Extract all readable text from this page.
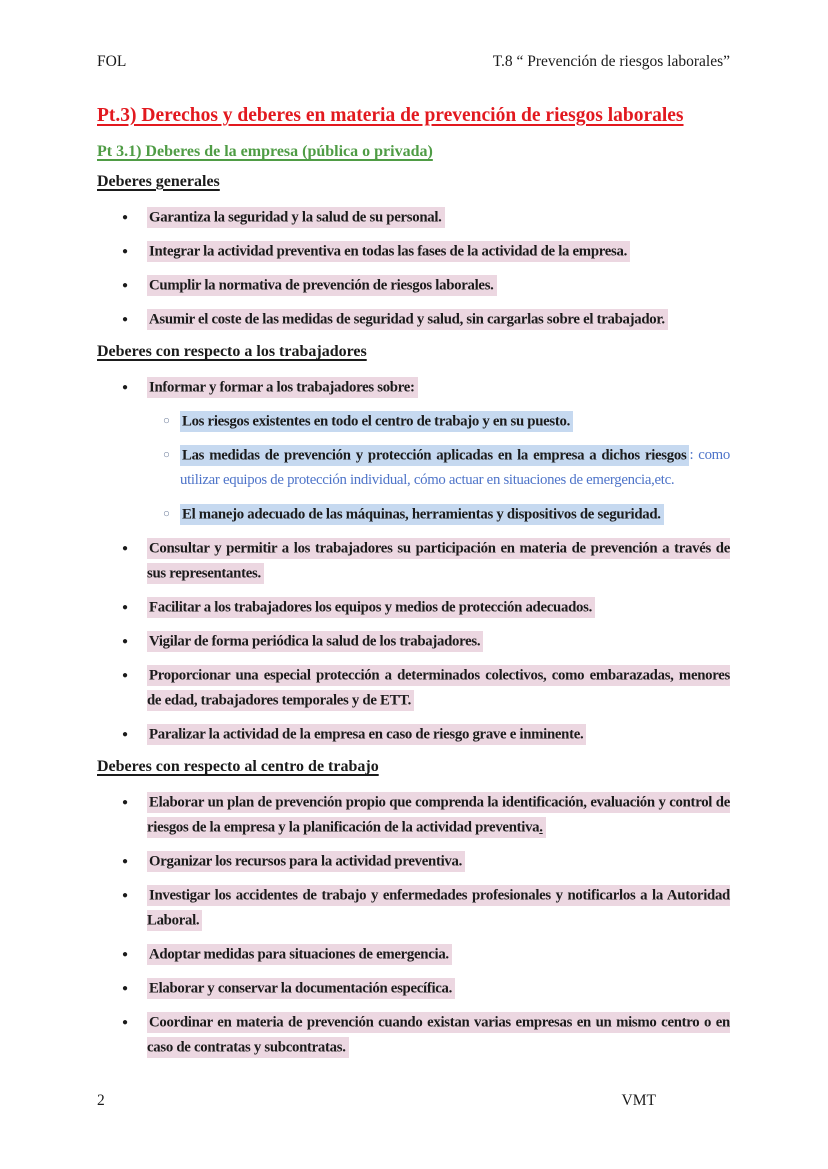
FOL	T.8 “ Prevención de riesgos laborales”
Pt.3) Derechos y deberes en materia de prevención de riesgos laborales
Pt 3.1) Deberes de la empresa (pública o privada)
Deberes generales
● Garantiza la seguridad y la salud de su personal.
● Integrar la actividad preventiva en todas las fases de la actividad de la empresa.
● Cumplir la normativa de prevención de riesgos laborales.
● Asumir el coste de las medidas de seguridad y salud, sin cargarlas sobre el trabajador.
Deberes con respecto a los trabajadores
● Informar y formar a los trabajadores sobre:
○ Los riesgos existentes en todo el centro de trabajo y en su puesto.
○ Las medidas de prevención y protección aplicadas en la empresa a dichos riesgos : como utilizar equipos de protección individual, cómo actuar en situaciones de emergencia,etc.
○ El manejo adecuado de las máquinas, herramientas y dispositivos de seguridad.
● Consultar y permitir a los trabajadores su participación en materia de prevención a través de sus representantes.
● Facilitar a los trabajadores los equipos y medios de protección adecuados.
● Vigilar de forma periódica la salud de los trabajadores.
● Proporcionar una especial protección a determinados colectivos, como embarazadas, menores de edad, trabajadores temporales y de ETT.
● Paralizar la actividad de la empresa en caso de riesgo grave e inminente.
Deberes con respecto al centro de trabajo
● Elaborar un plan de prevención propio que comprenda la identificación, evaluación y control de riesgos de la empresa y la planificación de la actividad preventiva.
● Organizar los recursos para la actividad preventiva.
● Investigar los accidentes de trabajo y enfermedades profesionales y notificarlos a la Autoridad Laboral.
● Adoptar medidas para situaciones de emergencia.
● Elaborar y conservar la documentación específica.
● Coordinar en materia de prevención cuando existan varias empresas en un mismo centro o en caso de contratas y subcontratas.
2	VMT
